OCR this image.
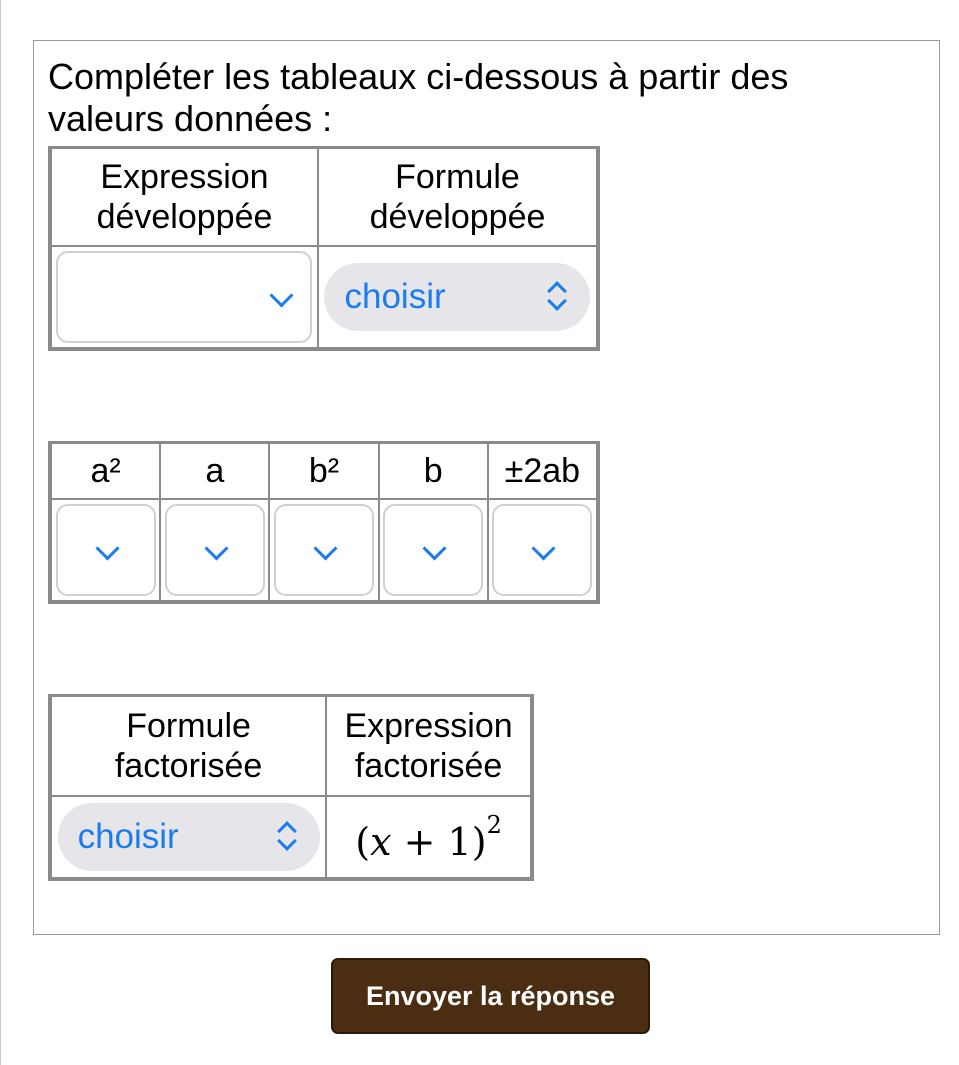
Compléter les tableaux ci-dessous à partir des valeurs données :

Expression développée	Formule développée

	choisir
a²	a	b²	b	±2ab

Formule factorisée	Expression factorisée

choisir	$(x + 1)^2$
Envoyer la réponse
